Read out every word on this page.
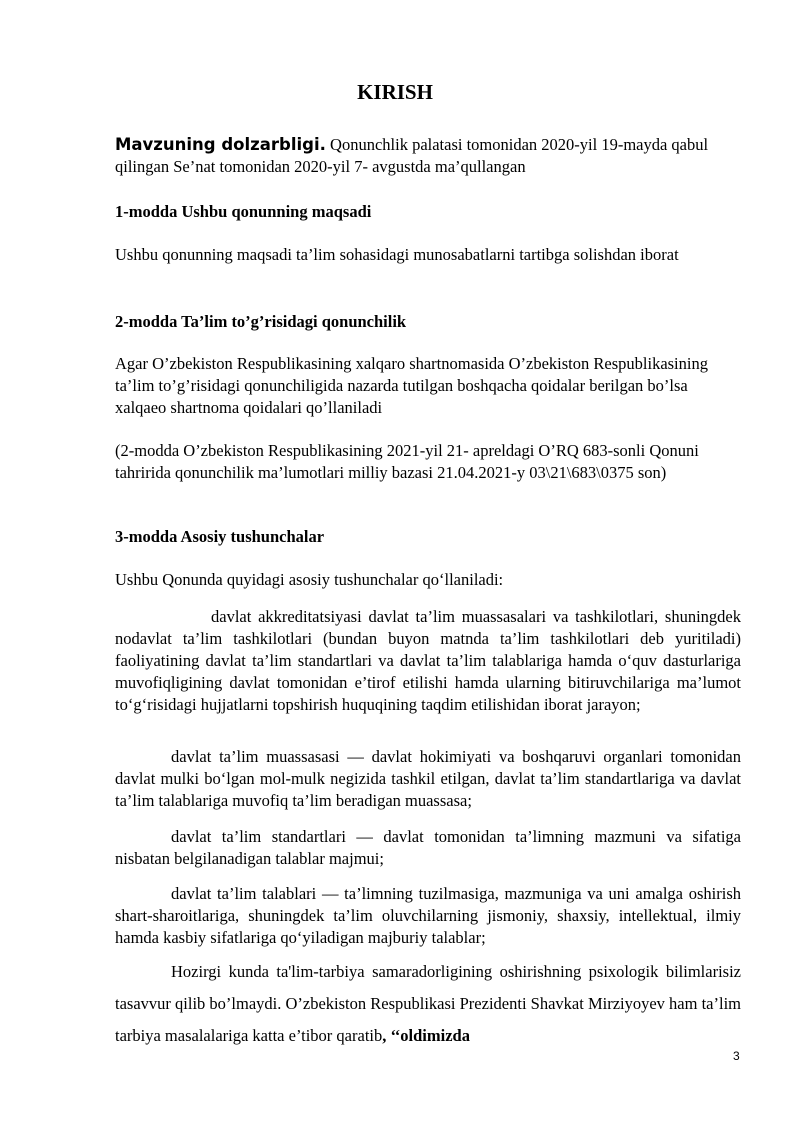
KIRISH

Mavzuning dolzarbligi. Qonunchlik palatasi tomonidan 2020-yil 19-mayda qabul qilingan Se’nat tomonidan 2020-yil 7- avgustda ma’qullangan

1-modda Ushbu qonunning maqsadi

Ushbu qonunning maqsadi ta’lim sohasidagi munosabatlarni tartibga solishdan iborat

2-modda Ta’lim to’g’risidagi qonunchilik

Agar O’zbekiston Respublikasining xalqaro shartnomasida O’zbekiston Respublikasining ta’lim to’g’risidagi qonunchiligida nazarda tutilgan boshqacha qoidalar berilgan bo’lsa xalqaeo shartnoma qoidalari qo’llaniladi

(2-modda O’zbekiston Respublikasining 2021-yil 21- apreldagi O’RQ 683-sonli Qonuni tahririda qonunchilik ma’lumotlari milliy bazasi 21.04.2021-y 03\21\683\0375 son)

3-modda Asosiy tushunchalar

Ushbu Qonunda quyidagi asosiy tushunchalar qo‘llaniladi:

davlat akkreditatsiyasi davlat ta’lim muassasalari va tashkilotlari, shuningdek nodavlat ta’lim tashkilotlari (bundan buyon matnda ta’lim tashkilotlari deb yuritiladi) faoliyatining davlat ta’lim standartlari va davlat ta’lim talablariga hamda o‘quv dasturlariga muvofiqligining davlat tomonidan e’tirof etilishi hamda ularning bitiruvchilariga ma’lumot to‘g‘risidagi hujjatlarni topshirish huquqining taqdim etilishidan iborat jarayon;

davlat ta’lim muassasasi — davlat hokimiyati va boshqaruvi organlari tomonidan davlat mulki bo‘lgan mol-mulk negizida tashkil etilgan, davlat ta’lim standartlariga va davlat ta’lim talablariga muvofiq ta’lim beradigan muassasa;

davlat ta’lim standartlari — davlat tomonidan ta’limning mazmuni va sifatiga nisbatan belgilanadigan talablar majmui;

davlat ta’lim talablari — ta’limning tuzilmasiga, mazmuniga va uni amalga oshirish shart-sharoitlariga, shuningdek ta’lim oluvchilarning jismoniy, shaxsiy, intellektual, ilmiy hamda kasbiy sifatlariga qo‘yiladigan majburiy talablar;

Hozirgi kunda ta'lim-tarbiya samaradorligining oshirishning psixologik bilimlarisiz tasavvur qilib bo’lmaydi. O’zbekiston Respublikasi Prezidenti Shavkat Mirziyoyev ham ta’lim tarbiya masalalariga katta e’tibor qaratib, ‘‘oldimizda

3
